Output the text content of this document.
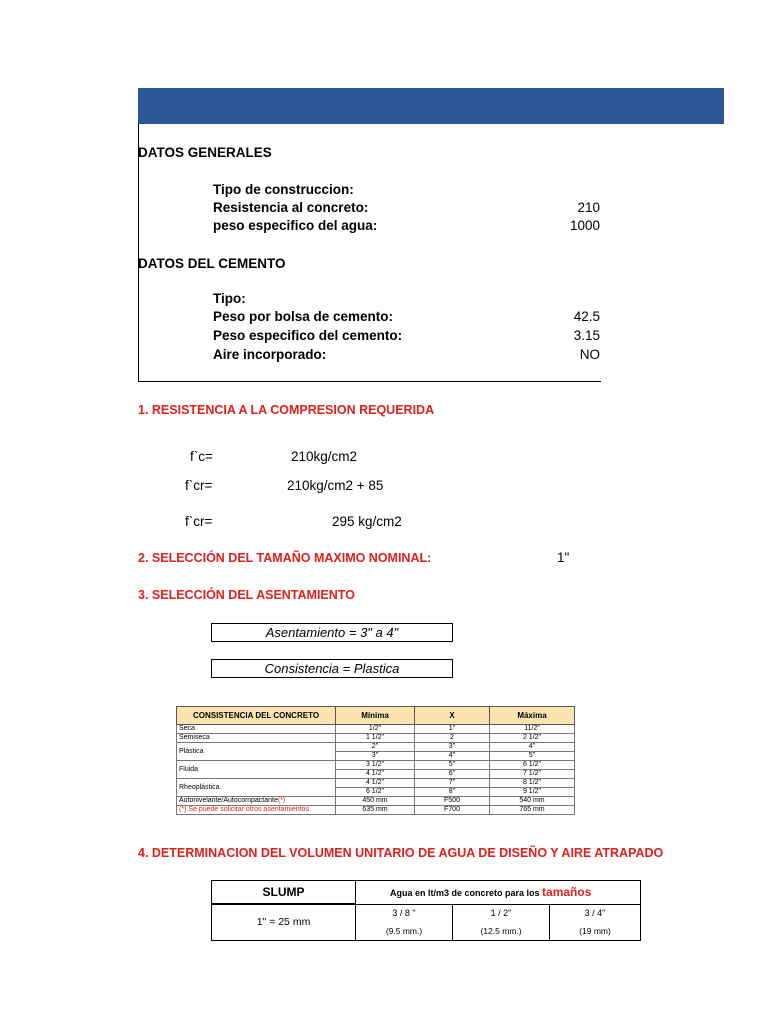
DATOS GENERALES
Tipo de construccion:
Resistencia al concreto:	210
peso especifico del agua:	1000
DATOS DEL CEMENTO
Tipo:
Peso por bolsa de cemento:	42.5
Peso especifico del cemento:	3.15
Aire incorporado:	NO
1. RESISTENCIA A LA COMPRESION REQUERIDA
f`c=	210kg/cm2
f`cr=	210kg/cm2 + 85
f`cr=	295 kg/cm2
2. SELECCIÓN DEL TAMAÑO MAXIMO NOMINAL:	1"
3. SELECCIÓN DEL ASENTAMIENTO
Asentamiento = 3" a 4"
Consistencia = Plastica
CONSISTENCIA DEL CONCRETO	Mínima	X	Máxima
Seca	1/2"	1"	11/2"
Semiseca	1 1/2"	2	2 1/2"
Plástica	2"	3"	4"
	3"	4"	5"
Fluida	3 1/2"	5"	6 1/2"
	4 1/2"	6"	7 1/2"
Rheoplástica	4 1/2"	7"	8 1/2"
	6 1/2"	8"	9 1/2"
Autonivelante/Autocompactante(*)	450 mm	F500	540 mm
(*) Se puede solicitar otros asentamientos	635 mm	F700	765 mm
4. DETERMINACION DEL VOLUMEN UNITARIO DE AGUA DE DISEÑO Y AIRE ATRAPADO
SLUMP	Agua en lt/m3 de concreto para los tamaños		
1" = 25 mm	3 / 8 "	1 / 2"	3 / 4"
	(9.5 mm.)	(12.5 mm.)	(19 mm)
